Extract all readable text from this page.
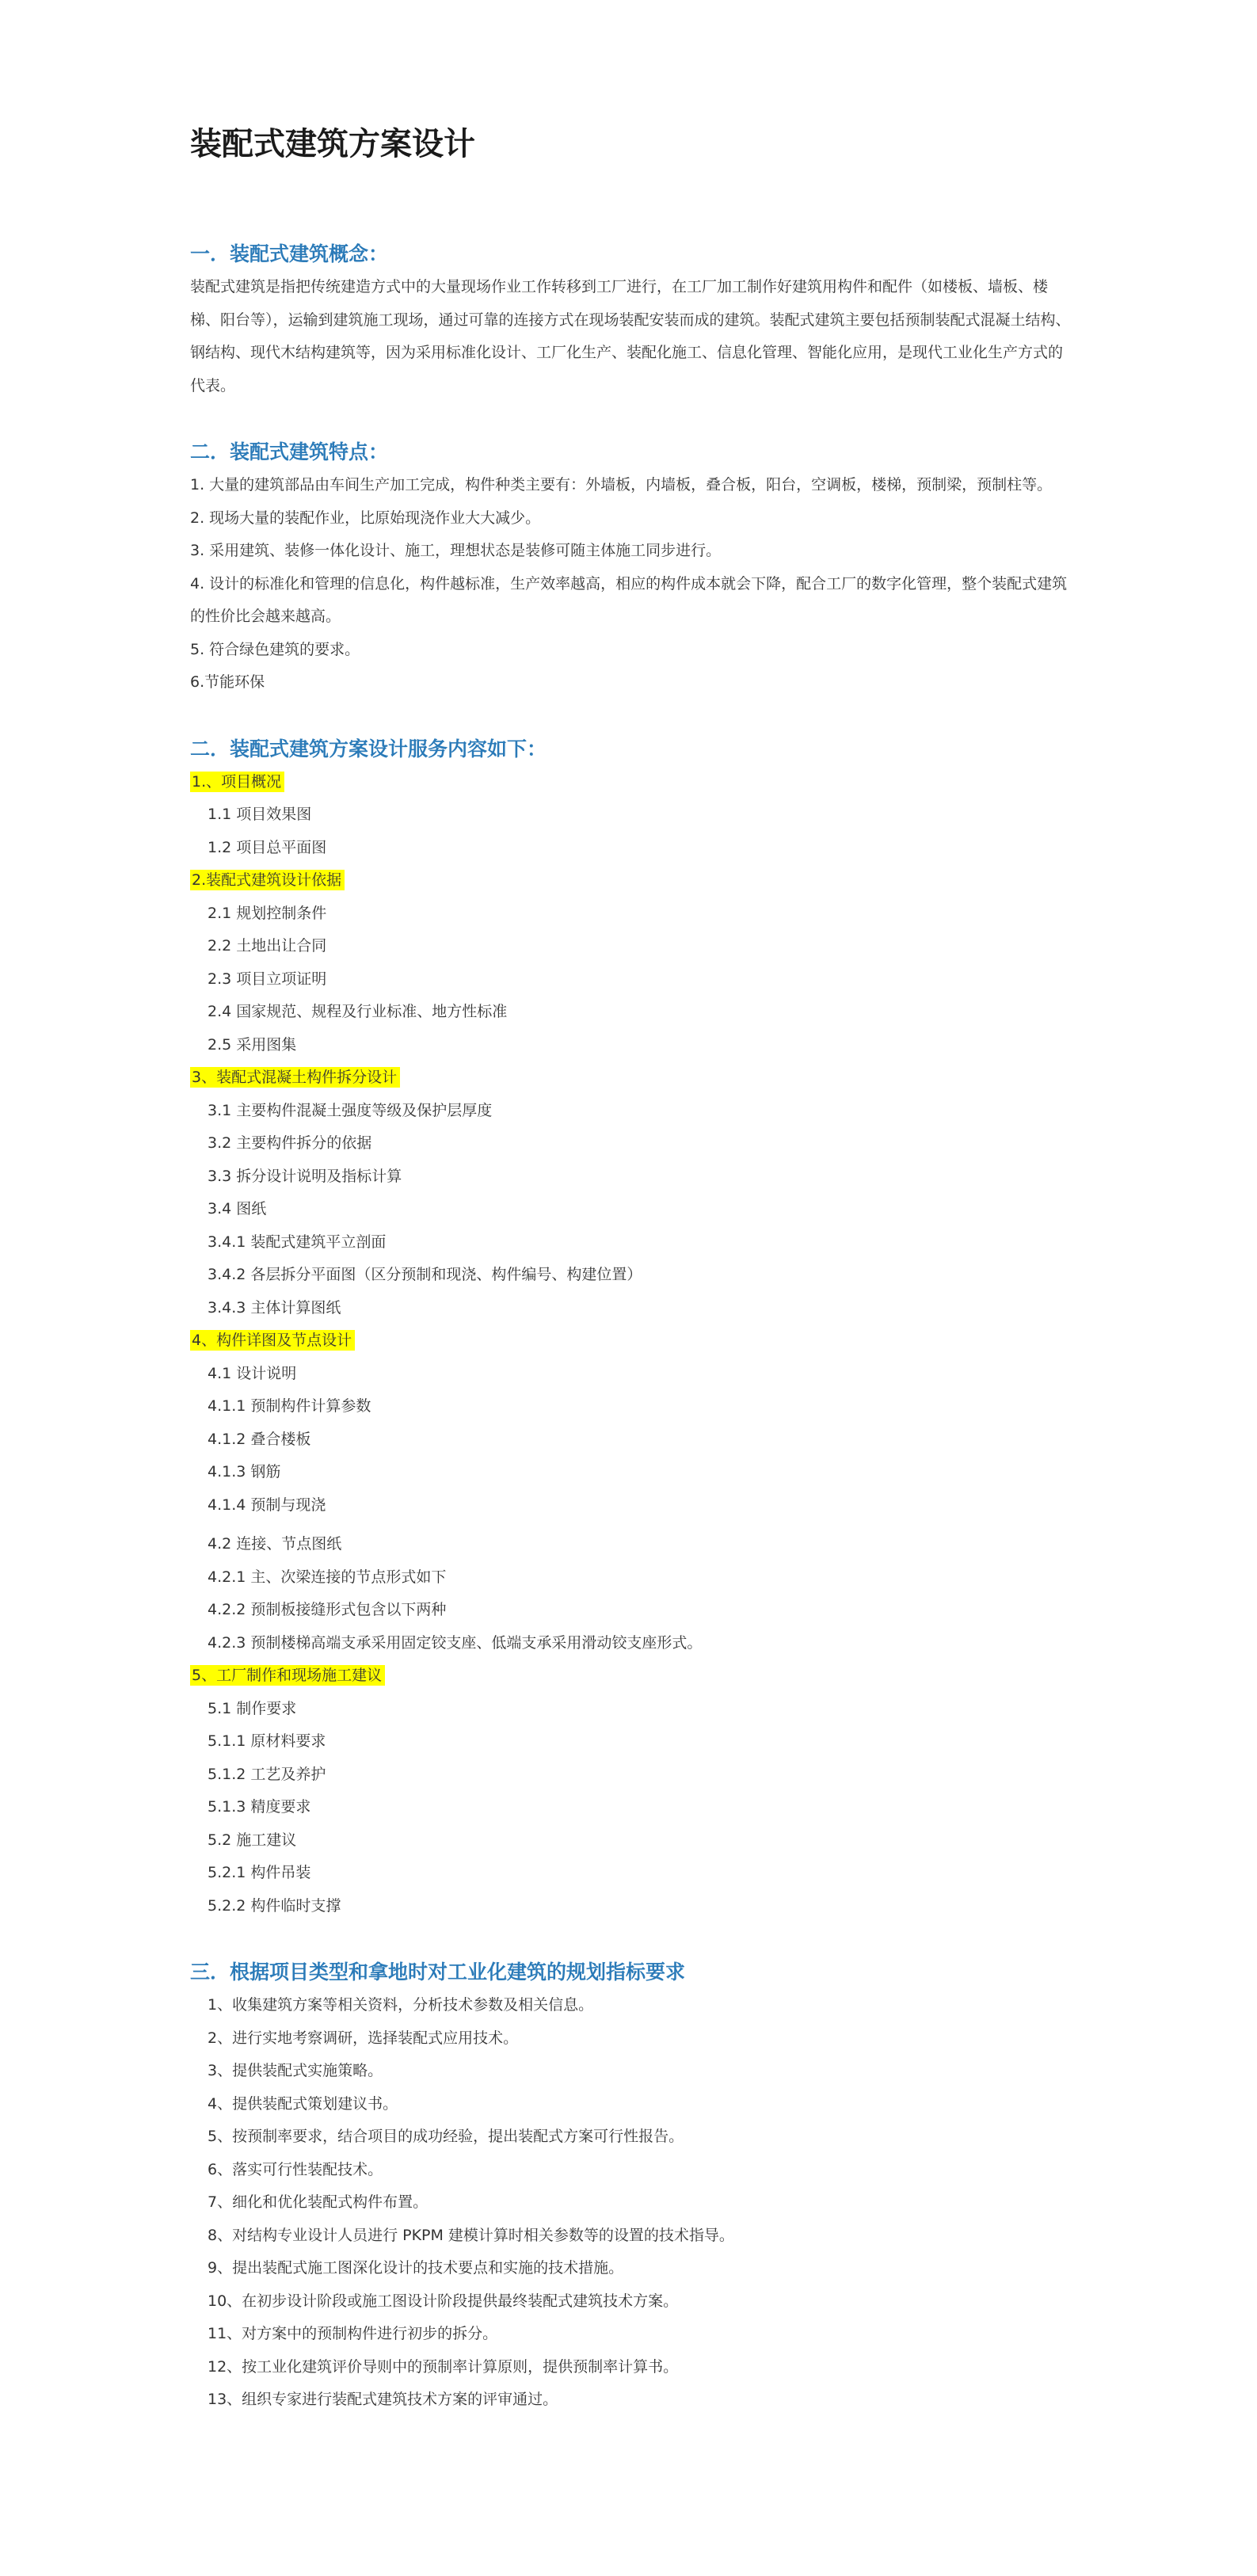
装配式建筑方案设计
一．装配式建筑概念：

装配式建筑是指把传统建造方式中的大量现场作业工作转移到工厂进行，在工厂加工制作好建筑用构件和配件（如楼板、墙板、楼梯、阳台等），运输到建筑施工现场，通过可靠的连接方式在现场装配安装而成的建筑。装配式建筑主要包括预制装配式混凝土结构、钢结构、现代木结构建筑等，因为采用标准化设计、工厂化生产、装配化施工、信息化管理、智能化应用，是现代工业化生产方式的代表。

二．装配式建筑特点：

1. 大量的建筑部品由车间生产加工完成，构件种类主要有：外墙板，内墙板，叠合板，阳台，空调板，楼梯，预制梁，预制柱等。

2. 现场大量的装配作业，比原始现浇作业大大减少。

3. 采用建筑、装修一体化设计、施工，理想状态是装修可随主体施工同步进行。

4. 设计的标准化和管理的信息化，构件越标准，生产效率越高，相应的构件成本就会下降，配合工厂的数字化管理，整个装配式建筑的性价比会越来越高。

5. 符合绿色建筑的要求。

6.节能环保

二．装配式建筑方案设计服务内容如下：
1.、项目概况
1.1 项目效果图
1.2 项目总平面图
2.装配式建筑设计依据
2.1 规划控制条件
2.2 土地出让合同
2.3 项目立项证明
2.4 国家规范、规程及行业标准、地方性标准
2.5 采用图集
3、装配式混凝土构件拆分设计
3.1 主要构件混凝土强度等级及保护层厚度
3.2 主要构件拆分的依据
3.3 拆分设计说明及指标计算
3.4 图纸
3.4.1 装配式建筑平立剖面
3.4.2 各层拆分平面图（区分预制和现浇、构件编号、构建位置）
3.4.3 主体计算图纸
4、构件详图及节点设计
4.1 设计说明
4.1.1 预制构件计算参数
4.1.2 叠合楼板
4.1.3 钢筋
4.1.4 预制与现浇
4.2 连接、节点图纸
4.2.1 主、次梁连接的节点形式如下
4.2.2 预制板接缝形式包含以下两种
4.2.3 预制楼梯高端支承采用固定铰支座、低端支承采用滑动铰支座形式。
5、工厂制作和现场施工建议
5.1 制作要求
5.1.1 原材料要求
5.1.2 工艺及养护
5.1.3 精度要求
5.2 施工建议
5.2.1 构件吊装
5.2.2 构件临时支撑
三．根据项目类型和拿地时对工业化建筑的规划指标要求
1、收集建筑方案等相关资料，分析技术参数及相关信息。
2、进行实地考察调研，选择装配式应用技术。
3、提供装配式实施策略。
4、提供装配式策划建议书。
5、按预制率要求，结合项目的成功经验，提出装配式方案可行性报告。
6、落实可行性装配技术。
7、细化和优化装配式构件布置。
8、对结构专业设计人员进行 PKPM 建模计算时相关参数等的设置的技术指导。
9、提出装配式施工图深化设计的技术要点和实施的技术措施。
10、在初步设计阶段或施工图设计阶段提供最终装配式建筑技术方案。
11、对方案中的预制构件进行初步的拆分。
12、按工业化建筑评价导则中的预制率计算原则，提供预制率计算书。
13、组织专家进行装配式建筑技术方案的评审通过。
